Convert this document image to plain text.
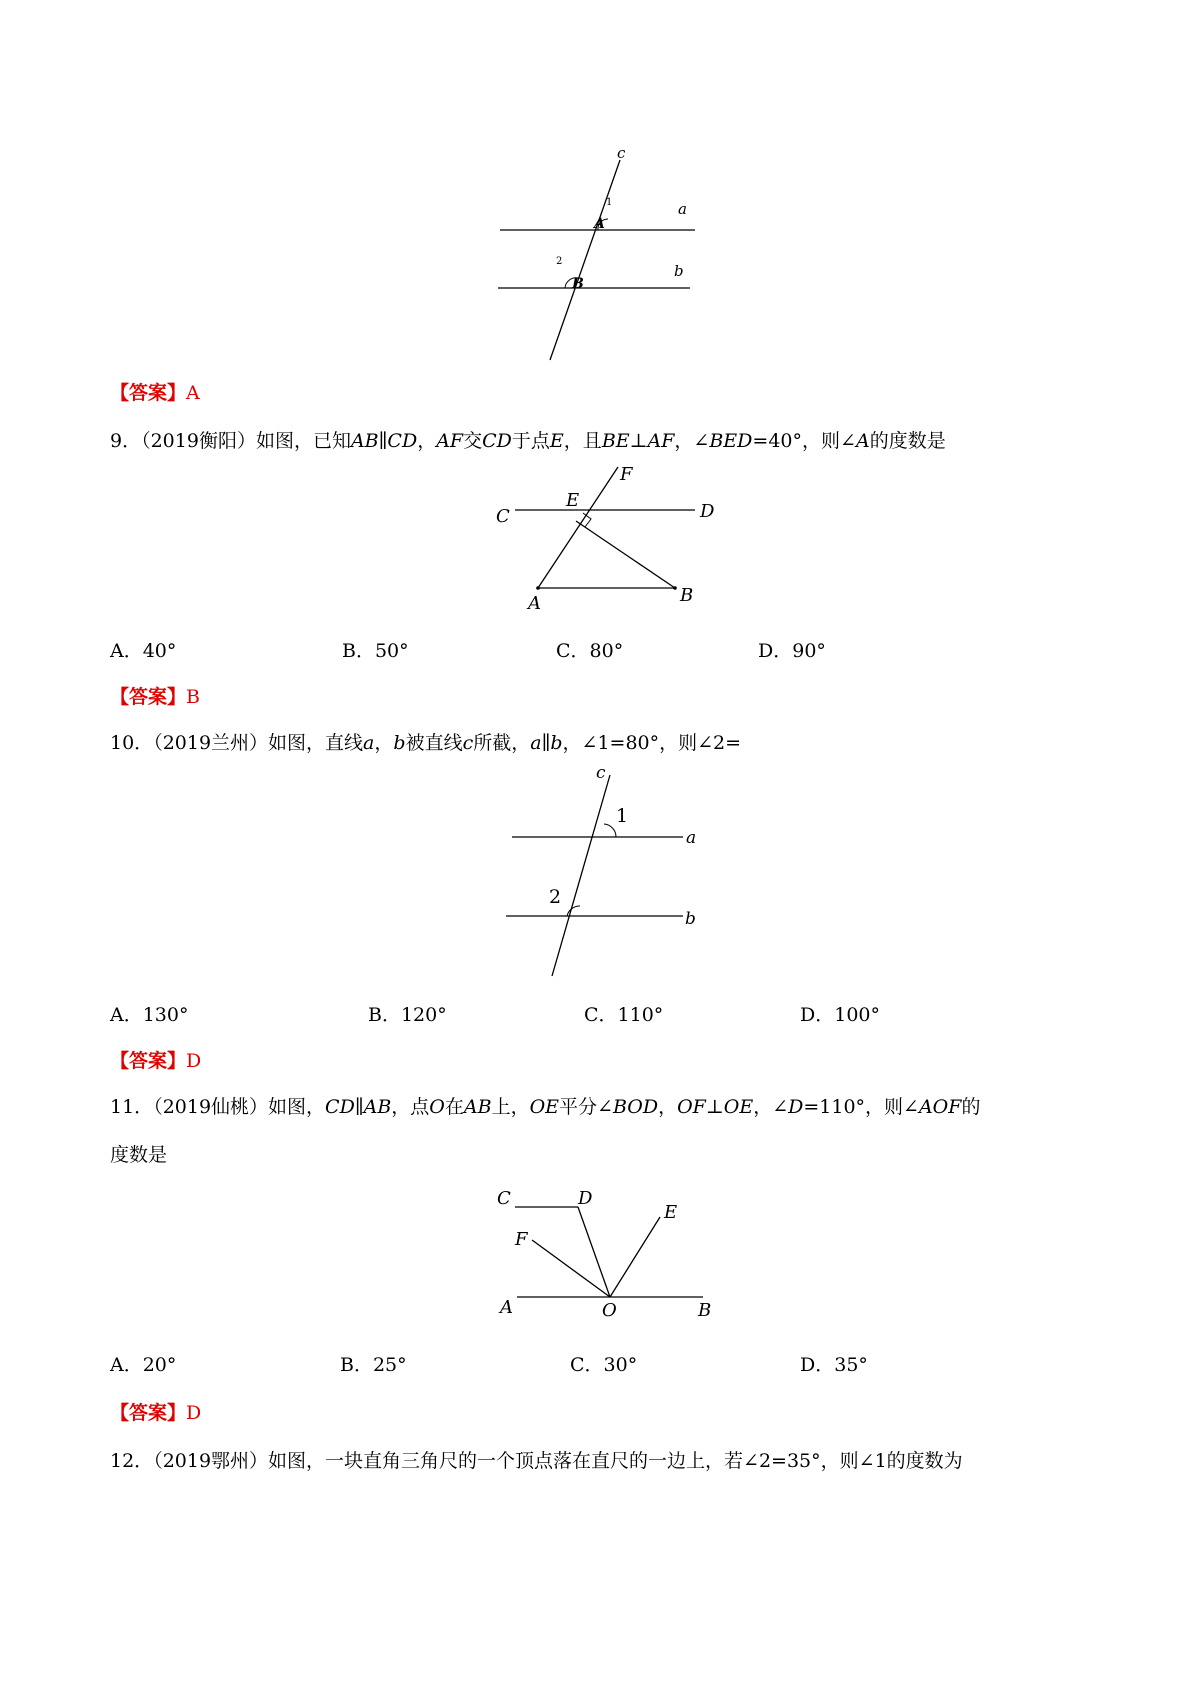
c
a
b
A
B
1
2
【答案】A
9．（2019衡阳）如图，已知AB∥CD，AF交CD于点E，且BE⊥AF，∠BED=40°，则∠A的度数是
C
E
F
D
A	B
A．40°	B．50°	C．80°	D．90°
【答案】B
10．（2019兰州）如图，直线a，b被直线c所截，a∥b，∠1=80°，则∠2=
c
a
b
1
2
A．130°	B．120°	C．110°	D．100°
【答案】D
11．（2019仙桃）如图，CD∥AB，点O在AB上，OE平分∠BOD，OF⊥OE，∠D=110°，则∠AOF的
度数是
C	D
E
F
A	O	B
A．20°	B．25°	C．30°	D．35°
【答案】D
12．（2019鄂州）如图，一块直角三角尺的一个顶点落在直尺的一边上，若∠2=35°，则∠1的度数为
